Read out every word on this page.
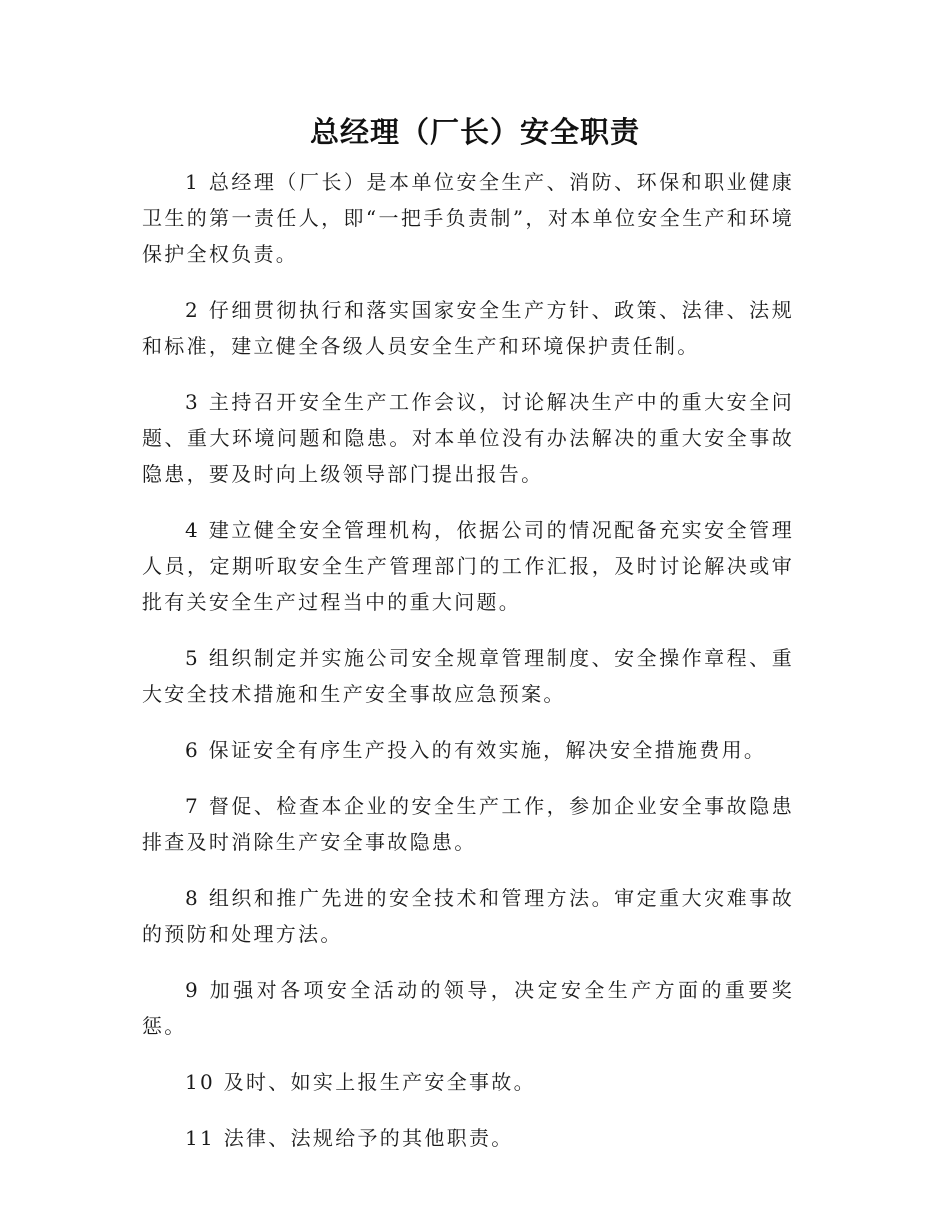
总经理（厂长）安全职责

1 总经理（厂长）是本单位安全生产、消防、环保和职业健康卫生的第一责任人，即“一把手负责制”，对本单位安全生产和环境保护全权负责。

2 仔细贯彻执行和落实国家安全生产方针、政策、法律、法规和标准，建立健全各级人员安全生产和环境保护责任制。

3 主持召开安全生产工作会议，讨论解决生产中的重大安全问题、重大环境问题和隐患。对本单位没有办法解决的重大安全事故隐患，要及时向上级领导部门提出报告。

4 建立健全安全管理机构，依据公司的情况配备充实安全管理人员，定期听取安全生产管理部门的工作汇报，及时讨论解决或审批有关安全生产过程当中的重大问题。

5 组织制定并实施公司安全规章管理制度、安全操作章程、重大安全技术措施和生产安全事故应急预案。

6 保证安全有序生产投入的有效实施，解决安全措施费用。

7 督促、检查本企业的安全生产工作，参加企业安全事故隐患排查及时消除生产安全事故隐患。

8 组织和推广先进的安全技术和管理方法。审定重大灾难事故的预防和处理方法。

9 加强对各项安全活动的领导，决定安全生产方面的重要奖惩。

10 及时、如实上报生产安全事故。

11 法律、法规给予的其他职责。
